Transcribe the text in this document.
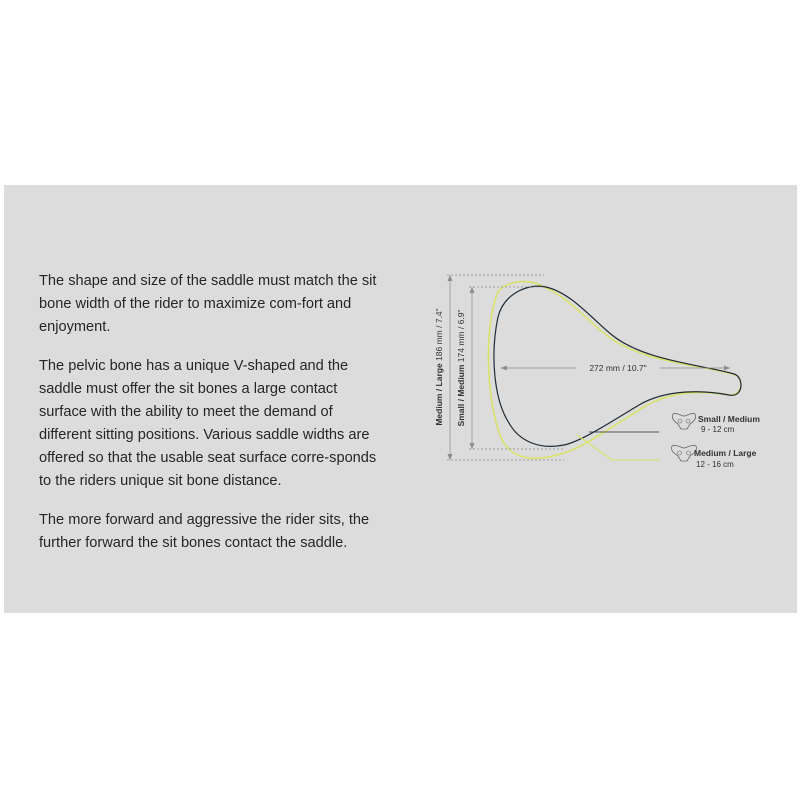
The shape and size of the saddle must match the sit bone width of the rider to maximize com-fort and enjoyment.

The pelvic bone has a unique V-shaped and the saddle must offer the sit bones a large contact surface with the ability to meet the demand of different sitting positions. Various saddle widths are offered so that the usable seat surface corre-sponds to the riders unique sit bone distance.

The more forward and aggressive the rider sits, the further forward the sit bones contact the saddle.

272 mm / 10.7"
Medium / Large 186 mm / 7.4"
Small / Medium 174 mm / 6.9"
Small / Medium
9 - 12 cm
Medium / Large
12 - 16 cm
